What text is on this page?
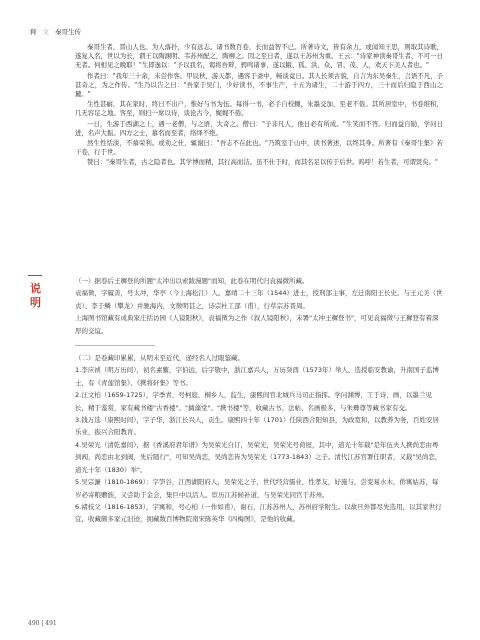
释 文 秦哥生传

秦哥生者，晋山人也。为人落扑，少有远志。诸书数百卷，长而益智不已。所著诗文，皆有余力，或闻知王思，则取其诗歌，遂复入名，世以为长，谓王以陶渊明、韦苏州配之，陶柳之。因之至日者，遂以王苏州为重。王云："诗家神读秦哥生者，不可一日无者。何相见之晚耶！"生即逸以："予以我名，谒将吾辩，骋鸣诸事，遂以蛾、孤、洪、众、冒、茂、人，欢天下美人者也。"

作者曰："我年三十余，未尝作客。甲辰秋，游天都，遇客于斋中，畅谈竟日。其人长须古貌，自言为东吴秦生，言语不凡，予甚奇之，为之作传。"生乃以告之曰："吾家于吴门，少好读书，不事生产，十五为诸生，二十游于四方，三十而后归隐于西山之麓。"

生性甚癖，其在家时，终日不出户，惟好与书为伍。每得一书，必手自校雠，朱墨交加，至老不倦。其所居室中，书卷堆积，几无容足之地。客至，则扫一席以待，谈论古今，娓娓不倦。

一日，生游于西湖之上，遇一老僧，与之语，大奇之。僧曰："子非凡人，他日必有所成。"生笑而不答。归而益自励，学问日进，名声大振。四方之士，慕名而至者，络绎不绝。

然生性恬淡，不慕荣利。或劝之仕，辄谢曰："吾志不在此也。"乃筑室于山中，读书著述，以终其身。所著有《秦哥生集》若干卷，行于世。

赞曰："秦哥生者，古之隐者也。其学博而精，其行高而洁。虽不仕于时，而其名足以传于后世。呜呼！若生者，可谓贤矣。"

说
明

（一）据卷后王穉登的所题"太冲出以索跋漫题"而知，此卷在明代归袁福微所藏。

袁福徵，字履善，号太冲，华亭（今上海松江）人。嘉靖二十三年（1544）进士，授刑部主事，左迁南阳王长史。与王元美（世贞）、李于鳞（攀龙）并驰海内，文徵明甚之，诗宗杜工部（甫），行草宗苏晋周。

上海图书馆藏有成典家庄括访园《人镜阳秋》，袁福徵为之作《叙人镜阳秋》，末署"太冲王穉登书"，可见袁福徵与王穉登有着深厚的交谊。

（二）是卷藏印累累，从明末至近代，递经名人过眼鉴藏。

1.李应祯（明万历间），初名素鳖，字伯远，后字敬中，浙江嘉兴人，万历癸酉（1573年）举人，选授临安教谕，升南国子监博士，有《青莲馆集》、《携将轩集》等书。

2.汪文柏（1659-1725），字季青，号柯庭，桐乡人，监生，康熙间官北城兵马司正指挥。学问渊博，工于诗，画，以墨兰见长，精于鉴赏，家有藏书楼"古香楼"、"摛藻堂"、"携书楼"等，收藏古书、法帖、名画极多，与朱彝尊等藏书家有交。

3.钱万选（康熙时间），字子华，浙江长兴人，贡生。康熙四十年（1701）任陕西合阳知县，为政宽和，以教养为务，百姓安居乐业，振兴合阳教育。

4.吴荣光（清乾嘉间），据《香溪府君年谱》为吴荣光自订，吴荣光，吴荣光号荷屋，其中，道光十年载"是年伍夫人携尚恋由粤到阀，尚恋由北到阀，先后随行"，可知吴尚恋，吴尚恋皆为吴荣光（1773-1843）之子。清代江苏官署任职者，又载"吴尚恋，道光十年（1830）举"。

5.吴宗濂（1810-1869）：字笋谷，江西湖阳府人，吴荣光之子，世代经营儒业，性孝友，好施与，尝变易水木，侨寓姑苏，每岁必寄粮赡族，又尝助于金会，集巨中以活人。宦历江苏候补道，与吴荣光同官于苏州。

6.褚枝父（1816-1853），字寓和，号心柏（一作如甫），谢石，江苏苏州人，苏州府学附生。以故旦外都尽先选用，以其家世行宜，收藏颇多家元旧迹，拥藏数百博物院南宋陈英华《四梅图》，是他的收藏。

490 | 491
